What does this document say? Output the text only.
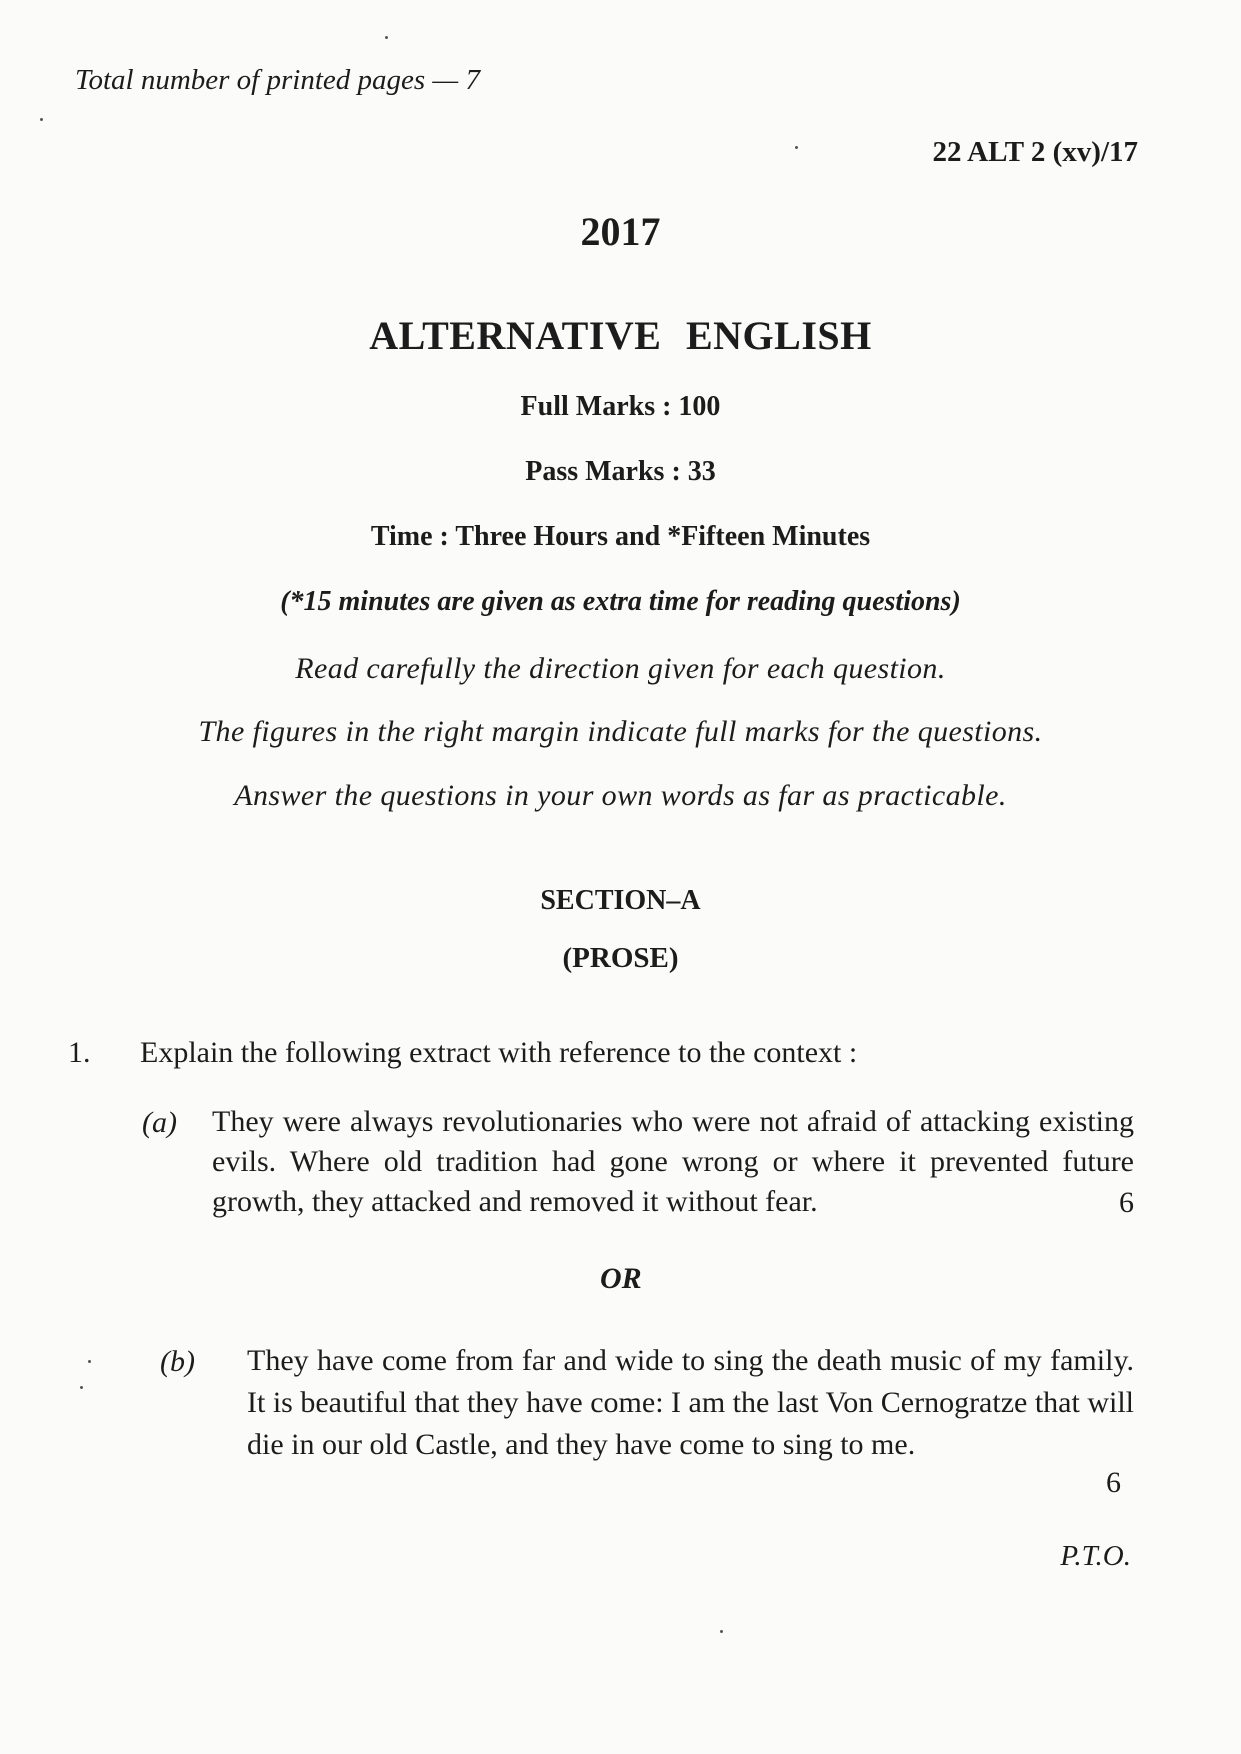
Total number of printed pages — 7
22 ALT 2 (xv)/17
2017
ALTERNATIVE ENGLISH
Full Marks : 100
Pass Marks : 33
Time : Three Hours and *Fifteen Minutes
(*15 minutes are given as extra time for reading questions)
Read carefully the direction given for each question.
The figures in the right margin indicate full marks for the questions.
Answer the questions in your own words as far as practicable.
SECTION–A
(PROSE)
1. Explain the following extract with reference to the context :
(a) They were always revolutionaries who were not afraid of attacking existing evils. Where old tradition had gone wrong or where it prevented future growth, they attacked and removed it without fear.	6
OR
(b) They have come from far and wide to sing the death music of my family. It is beautiful that they have come: I am the last Von Cernogratze that will die in our old Castle, and they have come to sing to me.
6
P.T.O.
